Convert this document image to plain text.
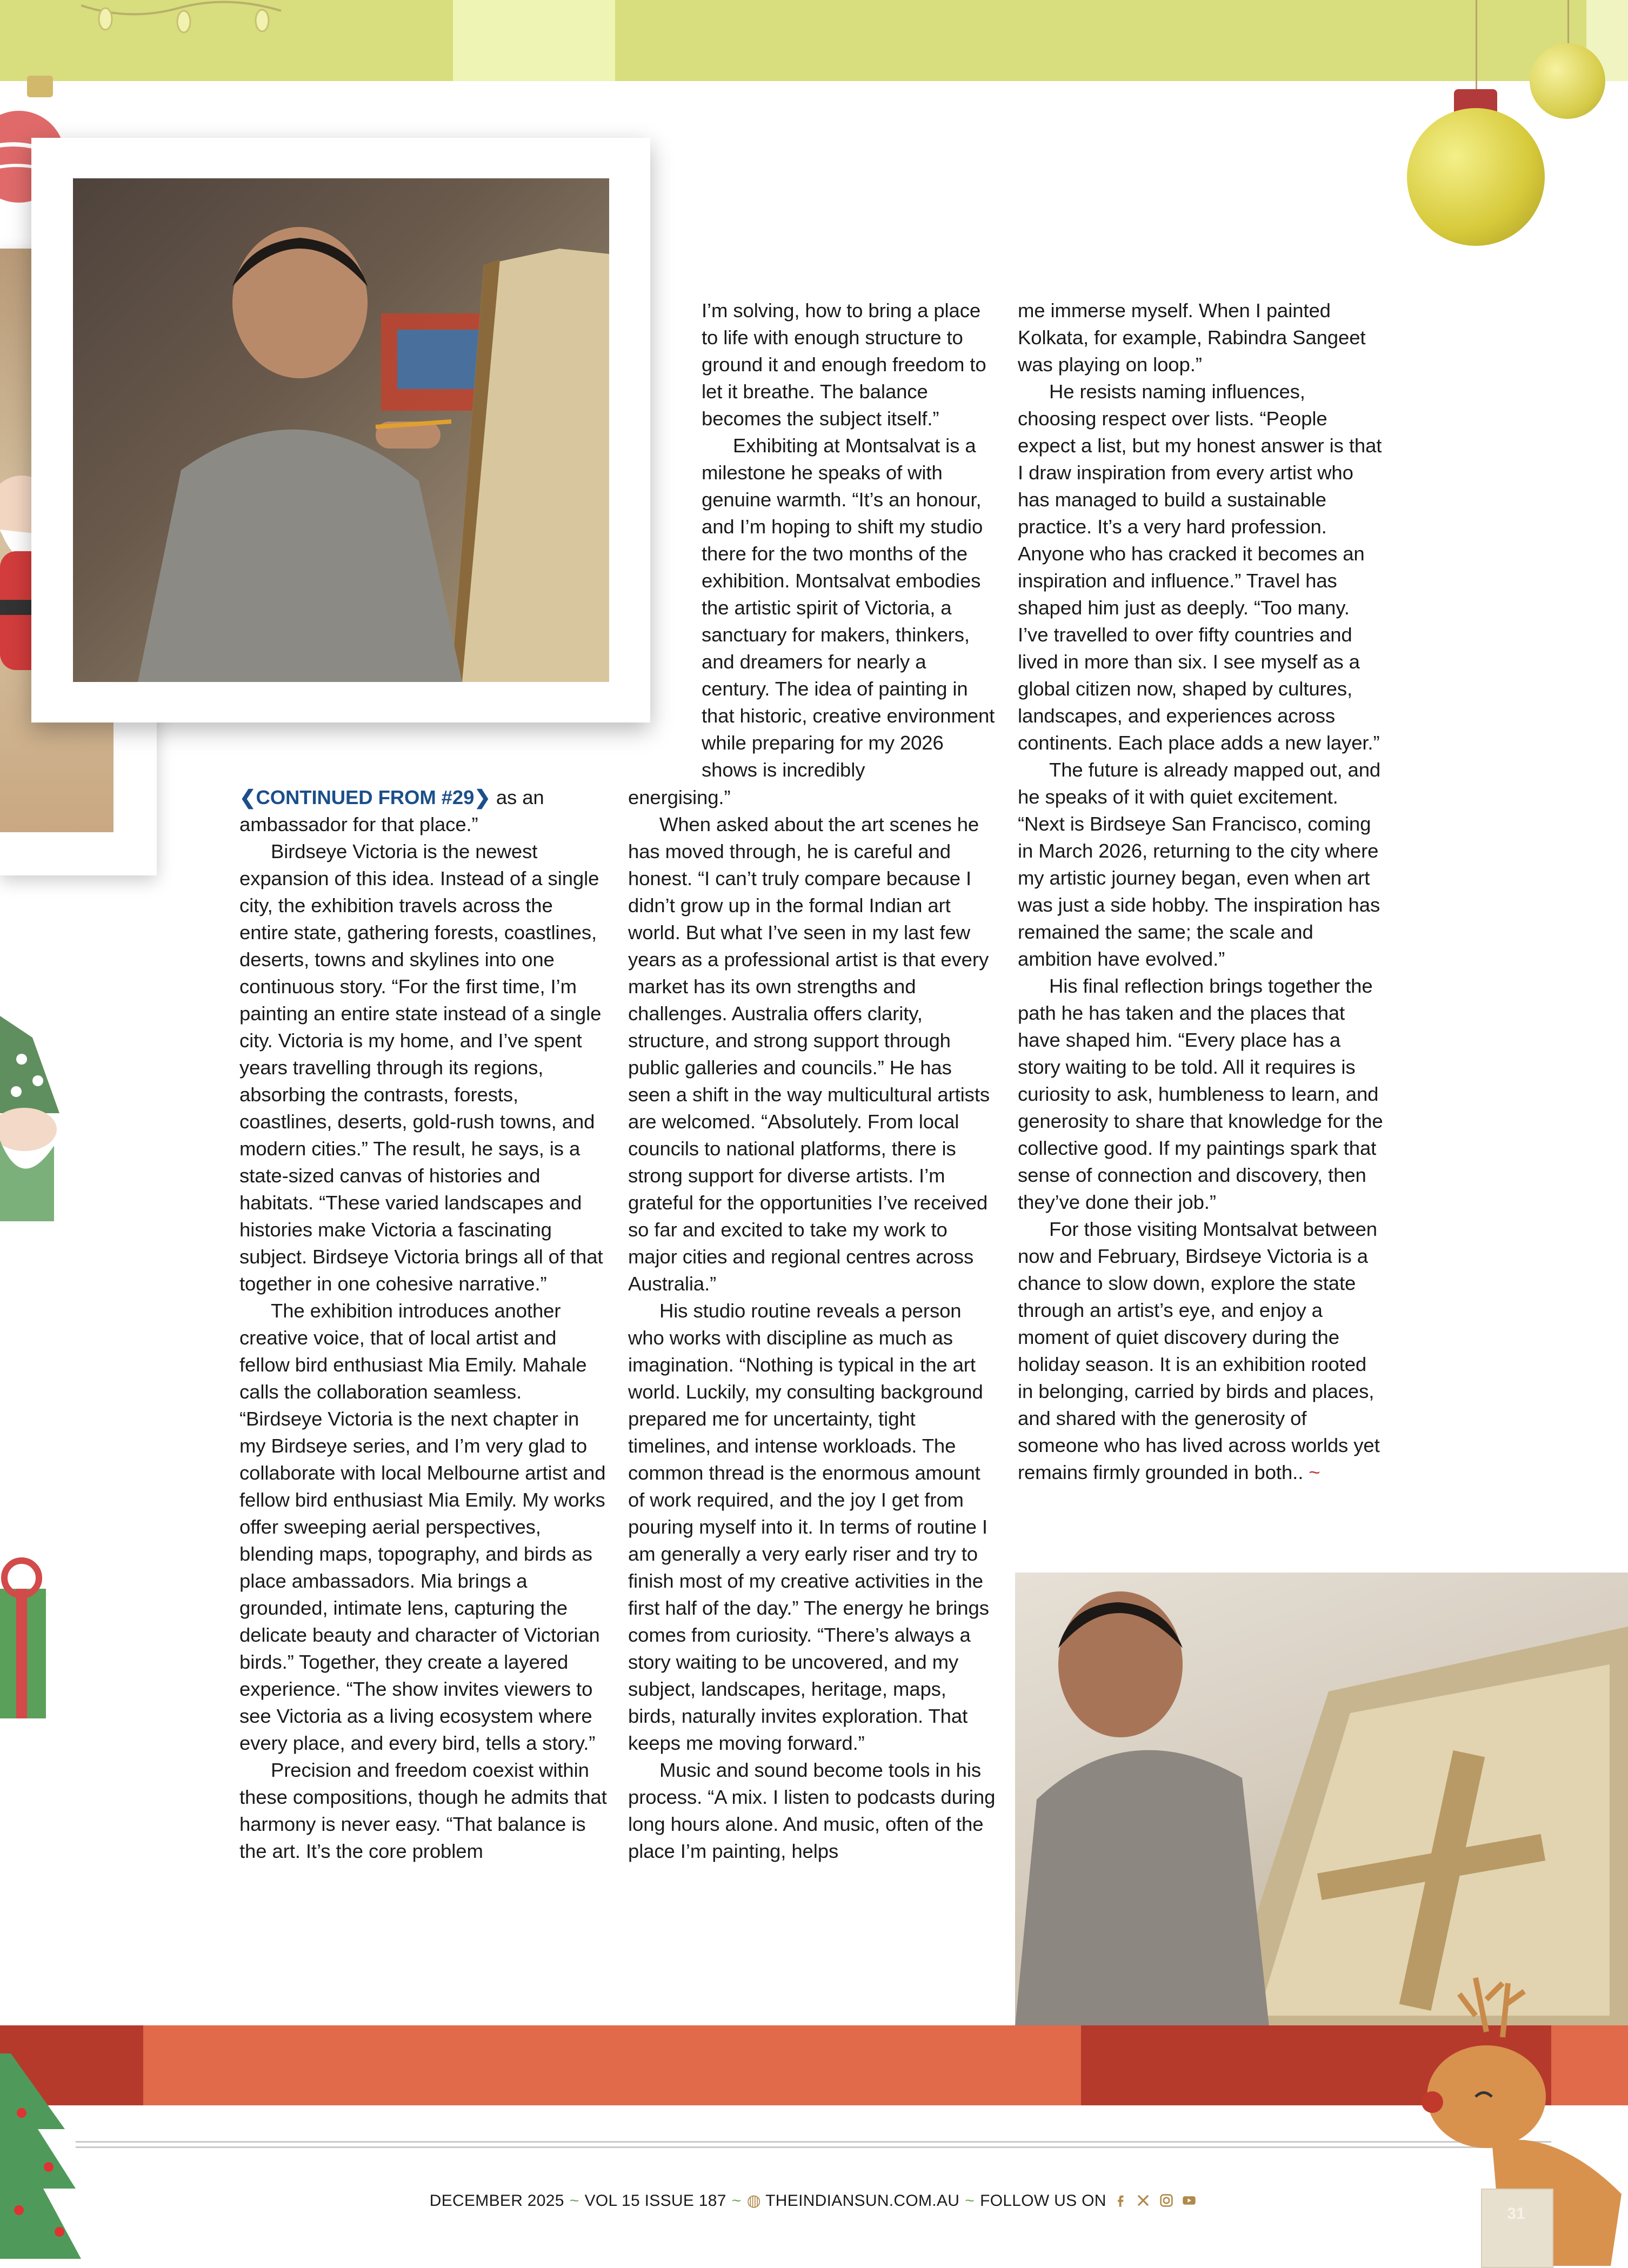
❮CONTINUED FROM #29❯ as an ambassador for that place.”

Birdseye Victoria is the newest expansion of this idea. Instead of a single city, the exhibition travels across the entire state, gathering forests, coastlines, deserts, towns and skylines into one continuous story. “For the first time, I’m painting an entire state instead of a single city. Victoria is my home, and I’ve spent years travelling through its regions, absorbing the contrasts, forests, coastlines, deserts, gold-rush towns, and modern cities.” The result, he says, is a state-sized canvas of histories and habitats. “These varied landscapes and histories make Victoria a fascinating subject. Birdseye Victoria brings all of that together in one cohesive narrative.”

The exhibition introduces another creative voice, that of local artist and fellow bird enthusiast Mia Emily. Mahale calls the collaboration seamless. “Birdseye Victoria is the next chapter in my Birdseye series, and I’m very glad to collaborate with local Melbourne artist and fellow bird enthusiast Mia Emily. My works offer sweeping aerial perspectives, blending maps, topography, and birds as place ambassadors. Mia brings a grounded, intimate lens, capturing the delicate beauty and character of Victorian birds.” Together, they create a layered experience. “The show invites viewers to see Victoria as a living ecosystem where every place, and every bird, tells a story.”

Precision and freedom coexist within these compositions, though he admits that harmony is never easy. “That balance is the art. It’s the core problem

I’m solving, how to bring a place to life with enough structure to ground it and enough freedom to let it breathe. The balance becomes the subject itself.”

Exhibiting at Montsalvat is a milestone he speaks of with genuine warmth. “It’s an honour, and I’m hoping to shift my studio there for the two months of the exhibition. Montsalvat embodies the artistic spirit of Victoria, a sanctuary for makers, thinkers, and dreamers for nearly a century. The idea of painting in that historic, creative environment while preparing for my 2026 shows is incredibly

energising.”

When asked about the art scenes he has moved through, he is careful and honest. “I can’t truly compare because I didn’t grow up in the formal Indian art world. But what I’ve seen in my last few years as a professional artist is that every market has its own strengths and challenges. Australia offers clarity, structure, and strong support through public galleries and councils.” He has seen a shift in the way multicultural artists are welcomed. “Absolutely. From local councils to national platforms, there is strong support for diverse artists. I’m grateful for the opportunities I’ve received so far and excited to take my work to major cities and regional centres across Australia.”

His studio routine reveals a person who works with discipline as much as imagination. “Nothing is typical in the art world. Luckily, my consulting background prepared me for uncertainty, tight timelines, and intense workloads. The common thread is the enormous amount of work required, and the joy I get from pouring myself into it. In terms of routine I am generally a very early riser and try to finish most of my creative activities in the first half of the day.” The energy he brings comes from curiosity. “There’s always a story waiting to be uncovered, and my subject, landscapes, heritage, maps, birds, naturally invites exploration. That keeps me moving forward.”

Music and sound become tools in his process. “A mix. I listen to podcasts during long hours alone. And music, often of the place I’m painting, helps

me immerse myself. When I painted Kolkata, for example, Rabindra Sangeet was playing on loop.”

He resists naming influences, choosing respect over lists. “People expect a list, but my honest answer is that I draw inspiration from every artist who has managed to build a sustainable practice. It’s a very hard profession. Anyone who has cracked it becomes an inspiration and influence.” Travel has shaped him just as deeply. “Too many. I’ve travelled to over fifty countries and lived in more than six. I see myself as a global citizen now, shaped by cultures, landscapes, and experiences across continents. Each place adds a new layer.”

The future is already mapped out, and he speaks of it with quiet excitement. “Next is Birdseye San Francisco, coming in March 2026, returning to the city where my artistic journey began, even when art was just a side hobby. The inspiration has remained the same; the scale and ambition have evolved.”

His final reflection brings together the path he has taken and the places that have shaped him. “Every place has a story waiting to be told. All it requires is curiosity to ask, humbleness to learn, and generosity to share that knowledge for the collective good. If my paintings spark that sense of connection and discovery, then they’ve done their job.”

For those visiting Montsalvat between now and February, Birdseye Victoria is a chance to slow down, explore the state through an artist’s eye, and enjoy a moment of quiet discovery during the holiday season. It is an exhibition rooted in belonging, carried by birds and places, and shared with the generosity of someone who has lived across worlds yet remains firmly grounded in both.. ~

DECEMBER 2025 ~ VOL 15 ISSUE 187 ~ ◍ THEINDIANSUN.COM.AU ~ FOLLOW US ON
31
